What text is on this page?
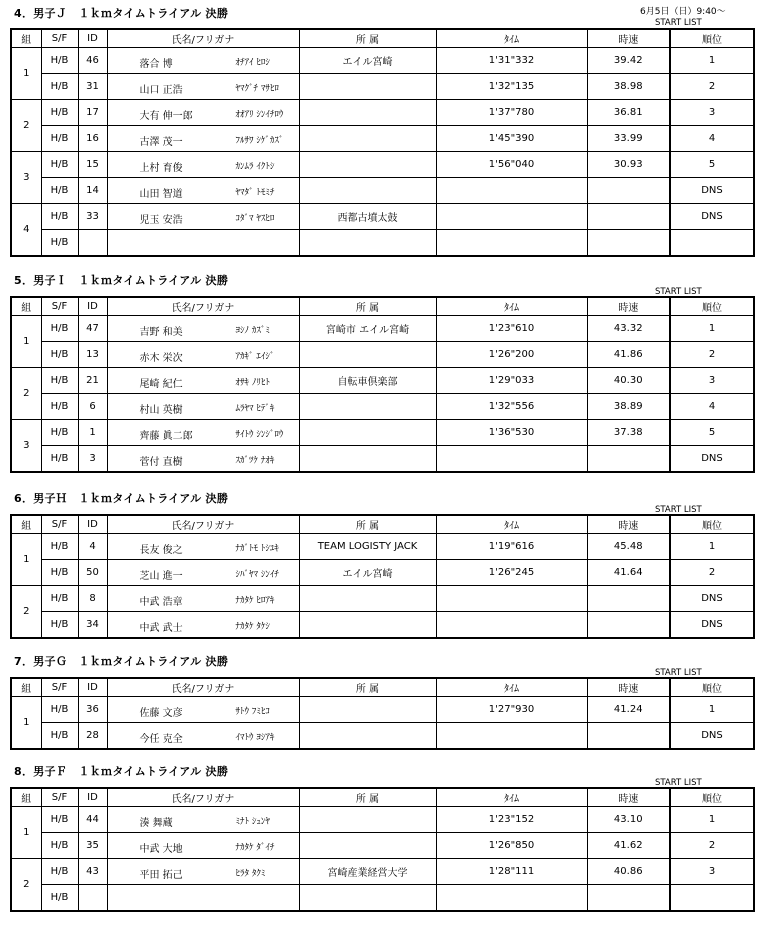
4．男子Ｊ　１ｋｍタイムトライアル 決勝	6月5日（日）9:40～
START LIST
組	S/F	ID	氏名/フリガナ	所 属	ﾀｲﾑ	時速	順位
1	H/B	46	落合 博 ｵﾁｱｲ ﾋﾛｼ	エイル宮崎	1'31"332	39.42	1
	H/B	31	山口 正浩 ﾔﾏｸﾞﾁ ﾏｻﾋﾛ		1'32"135	38.98	2
2	H/B	17	大有 伸一郎 ｵｵｱﾘ ｼﾝｲﾁﾛｳ		1'37"780	36.81	3
	H/B	16	古澤 茂一 ﾌﾙｻﾜ ｼｹﾞｶｽﾞ		1'45"390	33.99	4
3	H/B	15	上村 育俊 ｶﾝﾑﾗ ｲｸﾄｼ		1'56"040	30.93	5
	H/B	14	山田 智道 ﾔﾏﾀﾞ ﾄﾓﾐﾁ				DNS
4	H/B	33	児玉 安浩 ｺﾀﾞﾏ ﾔｽﾋﾛ	西都古墳太鼓			DNS
	H/B		

5．男子Ｉ　１ｋｍタイムトライアル 決勝
START LIST
組	S/F	ID	氏名/フリガナ	所 属	ﾀｲﾑ	時速	順位
1	H/B	47	吉野 和美 ﾖｼﾉ ｶｽﾞﾐ	宮崎市 エイル宮崎	1'23"610	43.32	1
	H/B	13	赤木 栄次 ｱｶｷﾞ ｴｲｼﾞ		1'26"200	41.86	2
2	H/B	21	尾崎 紀仁 ｵｻｷ ﾉﾘﾋﾄ	自転車倶楽部	1'29"033	40.30	3
	H/B	6	村山 英樹 ﾑﾗﾔﾏ ﾋﾃﾞｷ		1'32"556	38.89	4
3	H/B	1	齊藤 眞二郎 ｻｲﾄｳ ｼﾝｼﾞﾛｳ		1'36"530	37.38	5
	H/B	3	菅付 直樹 ｽｶﾞﾂｹ ﾅｵｷ				DNS
6．男子Ｈ　１ｋｍタイムトライアル 決勝
START LIST
組	S/F	ID	氏名/フリガナ	所 属	ﾀｲﾑ	時速	順位
1	H/B	4	長友 俊之 ﾅｶﾞﾄﾓ ﾄｼﾕｷ	TEAM LOGISTY JACK	1'19"616	45.48	1
	H/B	50	芝山 進一 ｼﾊﾞﾔﾏ ｼﾝｲﾁ	エイル宮崎	1'26"245	41.64	2
2	H/B	8	中武 浩章 ﾅｶﾀｹ ﾋﾛｱｷ				DNS
	H/B	34	中武 武士 ﾅｶﾀｹ ﾀｹｼ				DNS
7．男子Ｇ　１ｋｍタイムトライアル 決勝
START LIST
組	S/F	ID	氏名/フリガナ	所 属	ﾀｲﾑ	時速	順位
1	H/B	36	佐藤 文彦 ｻﾄｳ ﾌﾐﾋｺ		1'27"930	41.24	1
	H/B	28	今任 克全 ｲﾏﾄｳ ﾖｼｱｷ				DNS
8．男子Ｆ　１ｋｍタイムトライアル 決勝
START LIST
組	S/F	ID	氏名/フリガナ	所 属	ﾀｲﾑ	時速	順位
1	H/B	44	湊 舞蔵 ﾐﾅﾄ ｼｭﾝﾔ		1'23"152	43.10	1
	H/B	35	中武 大地 ﾅｶﾀｹ ﾀﾞｲﾁ		1'26"850	41.62	2
2	H/B	43	平田 拓己 ﾋﾗﾀ ﾀｸﾐ	宮崎産業経営大学	1'28"111	40.86	3
	H/B		
